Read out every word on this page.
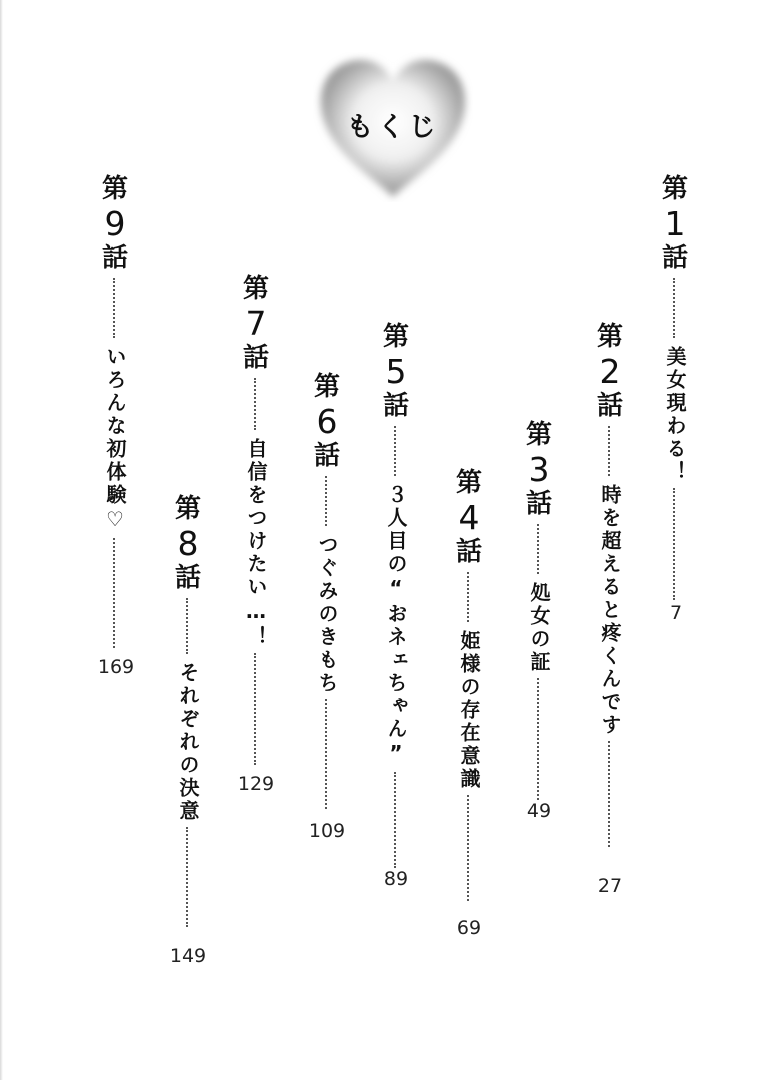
もくじ
第
1
話
美女現わる！
7
第
2
話
時を超えると疼くんです
27
第
3
話
処女の証
49
第
4
話
姫様の存在意識
69
第
5
話
３人目の“おネェちゃん”
89
第
6
話
つぐみのきもち
109
第
7
話
自信をつけたい…！
129
第
8
話
それぞれの決意
149
第
9
話
いろんな初体験♡
169
